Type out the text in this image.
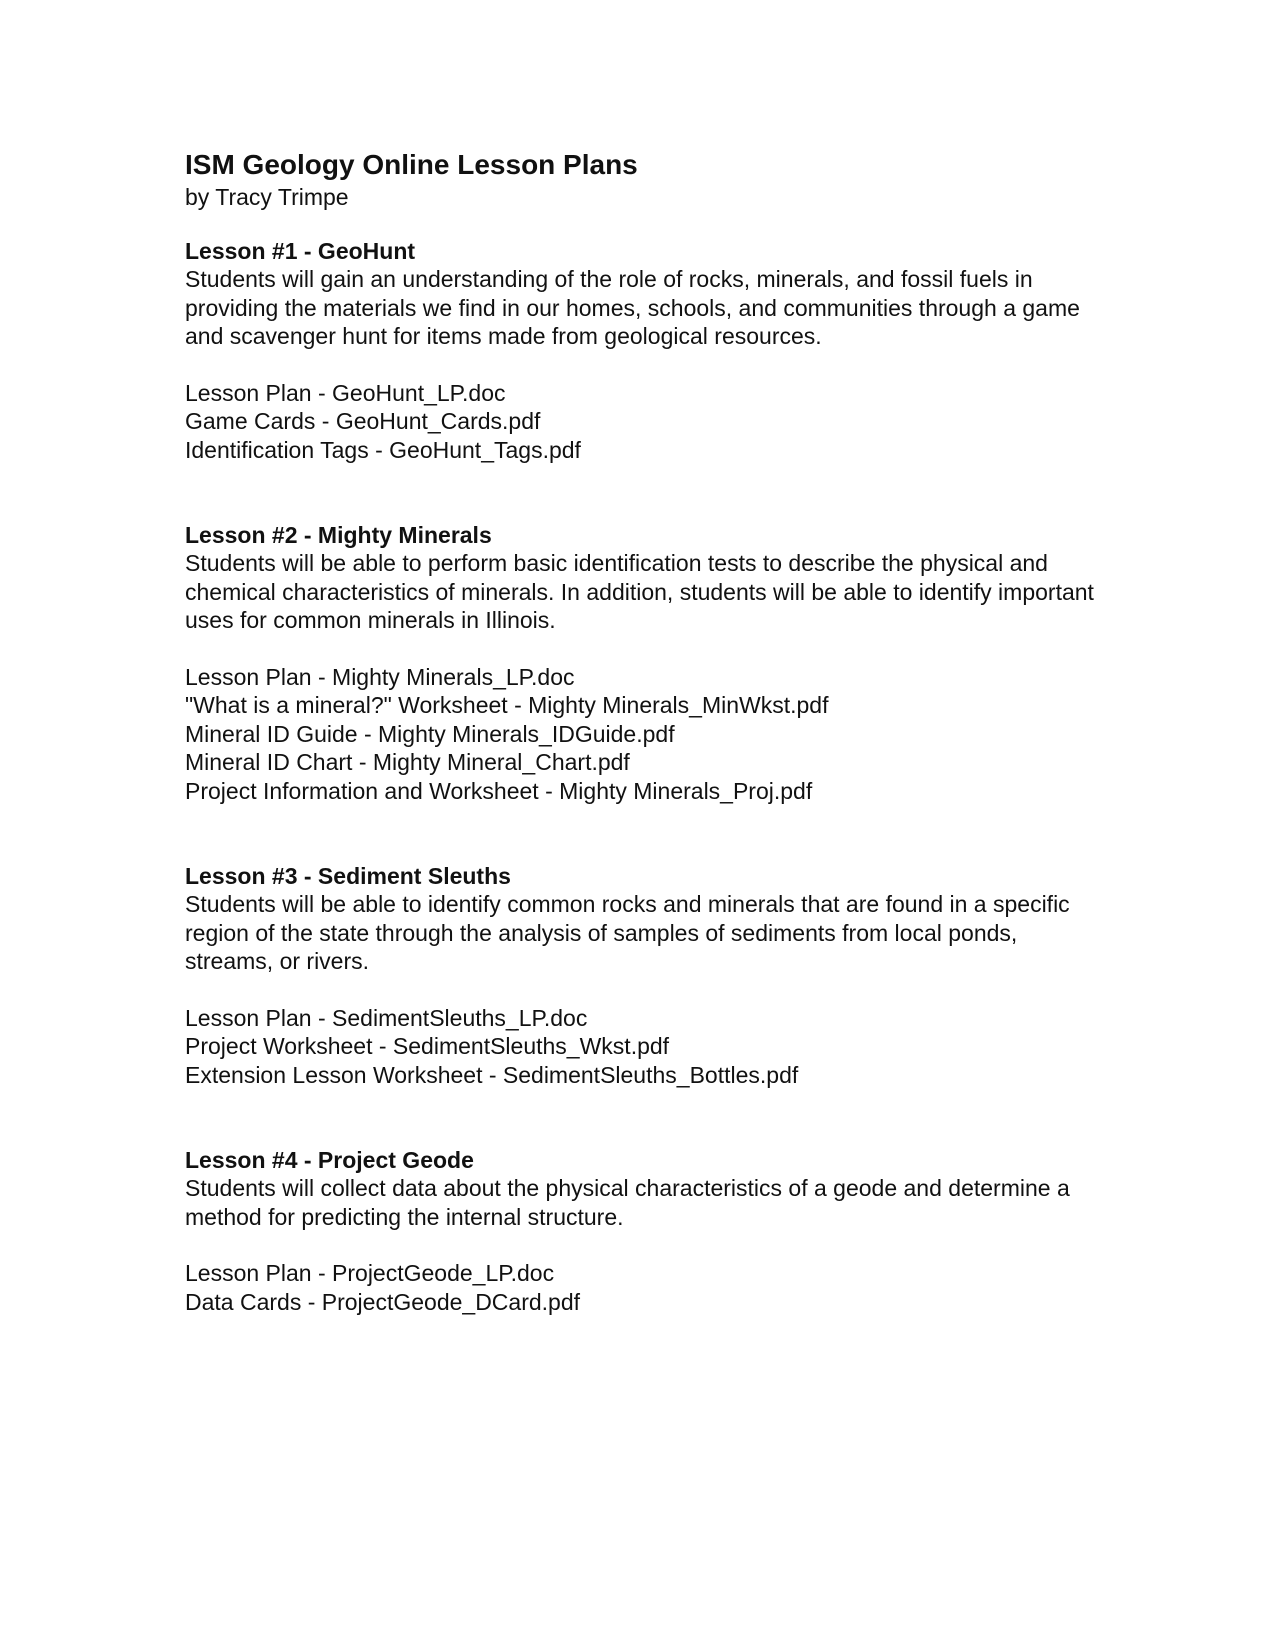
ISM Geology Online Lesson Plans

by Tracy Trimpe

Lesson #1 - GeoHunt

Students will gain an understanding of the role of rocks, minerals, and fossil fuels in providing the materials we find in our homes, schools, and communities through a game and scavenger hunt for items made from geological resources.

Lesson Plan - GeoHunt_LP.doc
Game Cards - GeoHunt_Cards.pdf
Identification Tags - GeoHunt_Tags.pdf
Lesson #2 - Mighty Minerals

Students will be able to perform basic identification tests to describe the physical and chemical characteristics of minerals. In addition, students will be able to identify important uses for common minerals in Illinois.

Lesson Plan - Mighty Minerals_LP.doc
"What is a mineral?" Worksheet - Mighty Minerals_MinWkst.pdf
Mineral ID Guide - Mighty Minerals_IDGuide.pdf
Mineral ID Chart - Mighty Mineral_Chart.pdf
Project Information and Worksheet - Mighty Minerals_Proj.pdf
Lesson #3 - Sediment Sleuths

Students will be able to identify common rocks and minerals that are found in a specific region of the state through the analysis of samples of sediments from local ponds, streams, or rivers.

Lesson Plan - SedimentSleuths_LP.doc
Project Worksheet - SedimentSleuths_Wkst.pdf
Extension Lesson Worksheet - SedimentSleuths_Bottles.pdf
Lesson #4 - Project Geode

Students will collect data about the physical characteristics of a geode and determine a method for predicting the internal structure.

Lesson Plan - ProjectGeode_LP.doc
Data Cards - ProjectGeode_DCard.pdf
